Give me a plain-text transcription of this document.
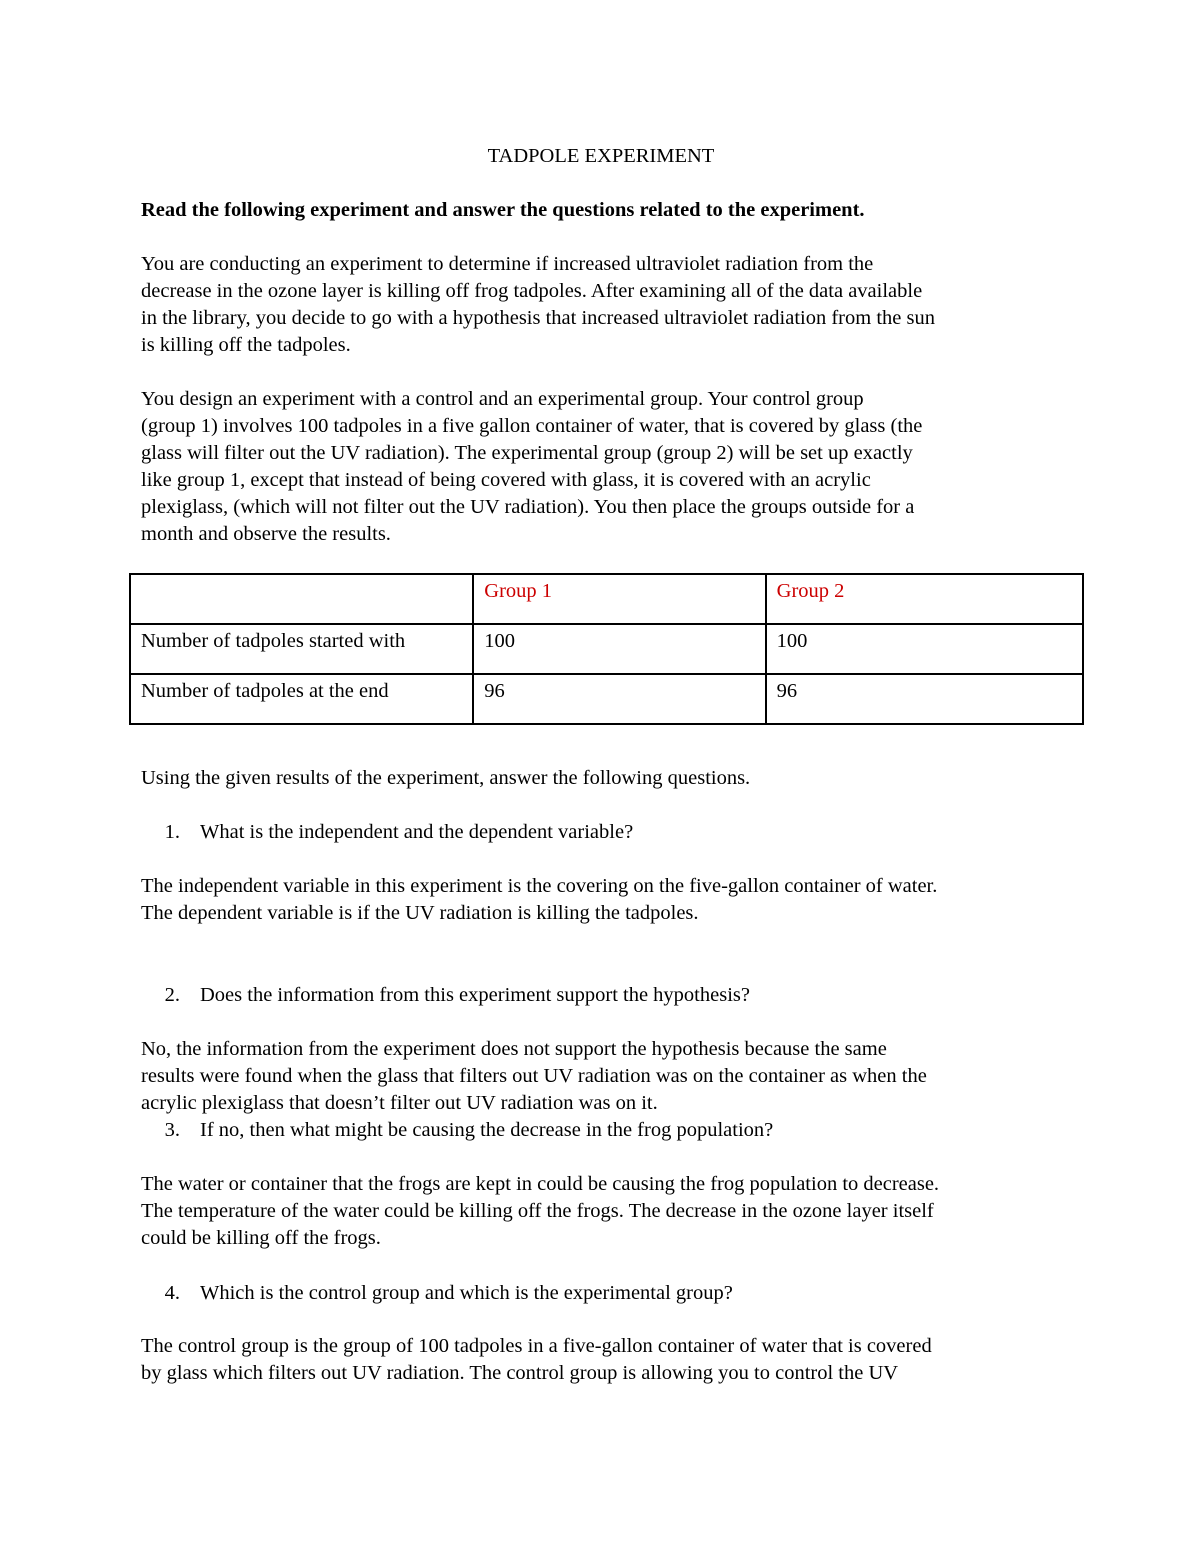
TADPOLE EXPERIMENT

Read the following experiment and answer the questions related to the experiment.

You are conducting an experiment to determine if increased ultraviolet radiation from the
decrease in the ozone layer is killing off frog tadpoles. After examining all of the data available
in the library, you decide to go with a hypothesis that increased ultraviolet radiation from the sun
is killing off the tadpoles.
You design an experiment with a control and an experimental group. Your control group
(group 1) involves 100 tadpoles in a five gallon container of water, that is covered by glass (the
glass will filter out the UV radiation). The experimental group (group 2) will be set up exactly
like group 1, except that instead of being covered with glass, it is covered with an acrylic
plexiglass, (which will not filter out the UV radiation). You then place the groups outside for a
month and observe the results.
	Group 1	Group 2
Number of tadpoles started with	100	100
Number of tadpoles at the end	96	96

Using the given results of the experiment, answer the following questions.

1. What is the independent and the dependent variable?

The independent variable in this experiment is the covering on the five-gallon container of water.
The dependent variable is if the UV radiation is killing the tadpoles.

2. Does the information from this experiment support the hypothesis?

No, the information from the experiment does not support the hypothesis because the same
results were found when the glass that filters out UV radiation was on the container as when the
acrylic plexiglass that doesn’t filter out UV radiation was on it.

3. If no, then what might be causing the decrease in the frog population?

The water or container that the frogs are kept in could be causing the frog population to decrease.
The temperature of the water could be killing off the frogs. The decrease in the ozone layer itself
could be killing off the frogs.

4. Which is the control group and which is the experimental group?

The control group is the group of 100 tadpoles in a five-gallon container of water that is covered
by glass which filters out UV radiation. The control group is allowing you to control the UV
